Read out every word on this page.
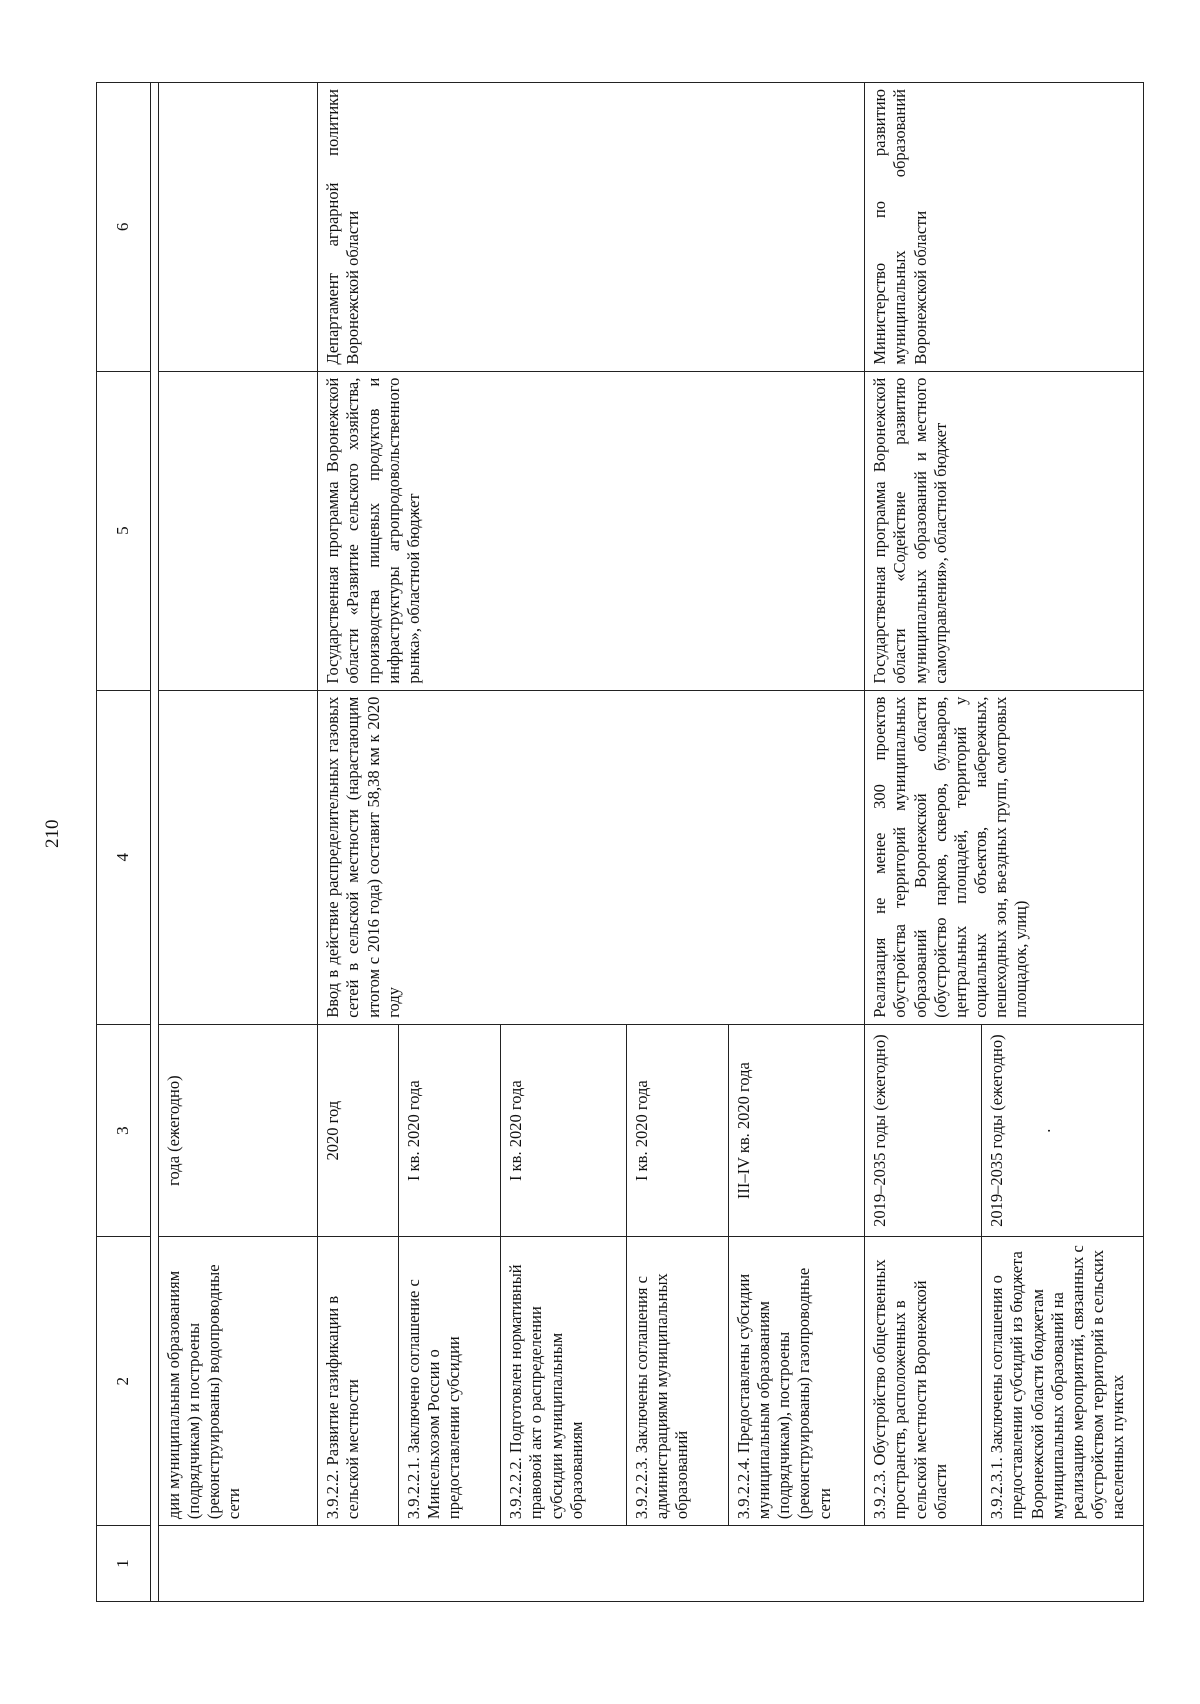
210
1	2	3	4	5	6

	дии муниципальным образованиям (подрядчикам) и построены (реконструированы) водопроводные сети	года (ежегодно)			
	3.9.2.2. Развитие газификации в сельской местности	2020 год	Ввод в действие распределительных газовых сетей в сельской местности (нарастающим итогом с 2016 года) составит 58,38 км к 2020 году	Государственная программа Воронежской области «Развитие сельского хозяйства, производства пищевых продуктов и инфраструктуры агропродовольственного рынка», областной бюджет	Департамент аграрной политики Воронежской области
	3.9.2.2.1. Заключено соглашение с Минсельхозом России о предоставлении субсидии	I кв. 2020 года			
	3.9.2.2.2. Подготовлен нормативный правовой акт о распределении субсидии муниципальным образованиям	I кв. 2020 года			
	3.9.2.2.3. Заключены соглашения с администрациями муниципальных образований	I кв. 2020 года			
	3.9.2.2.4. Предоставлены субсидии муниципальным образованиям (подрядчикам), построены (реконструированы) газопроводные сети	III–IV кв. 2020 года			
	3.9.2.3. Обустройство общественных пространств, расположенных в сельской местности Воронежской области	2019–2035 годы (ежегодно)	Реализация не менее 300 проектов обустройства территорий муниципальных образований Воронежской области (обустройство парков, скверов, бульваров, центральных площадей, территорий у социальных объектов, набережных, пешеходных зон, въездных групп, смотровых площадок, улиц)	Государственная программа Воронежской области «Содействие развитию муниципальных образований и местного самоуправления», областной бюджет	Министерство по развитию муниципальных образований Воронежской области
	3.9.2.3.1. Заключены соглашения о предоставлении субсидий из бюджета Воронежской области бюджетам муниципальных образований на реализацию мероприятий, связанных с обустройством территорий в сельских населенных пунктах	2019–2035 годы (ежегодно) .			
